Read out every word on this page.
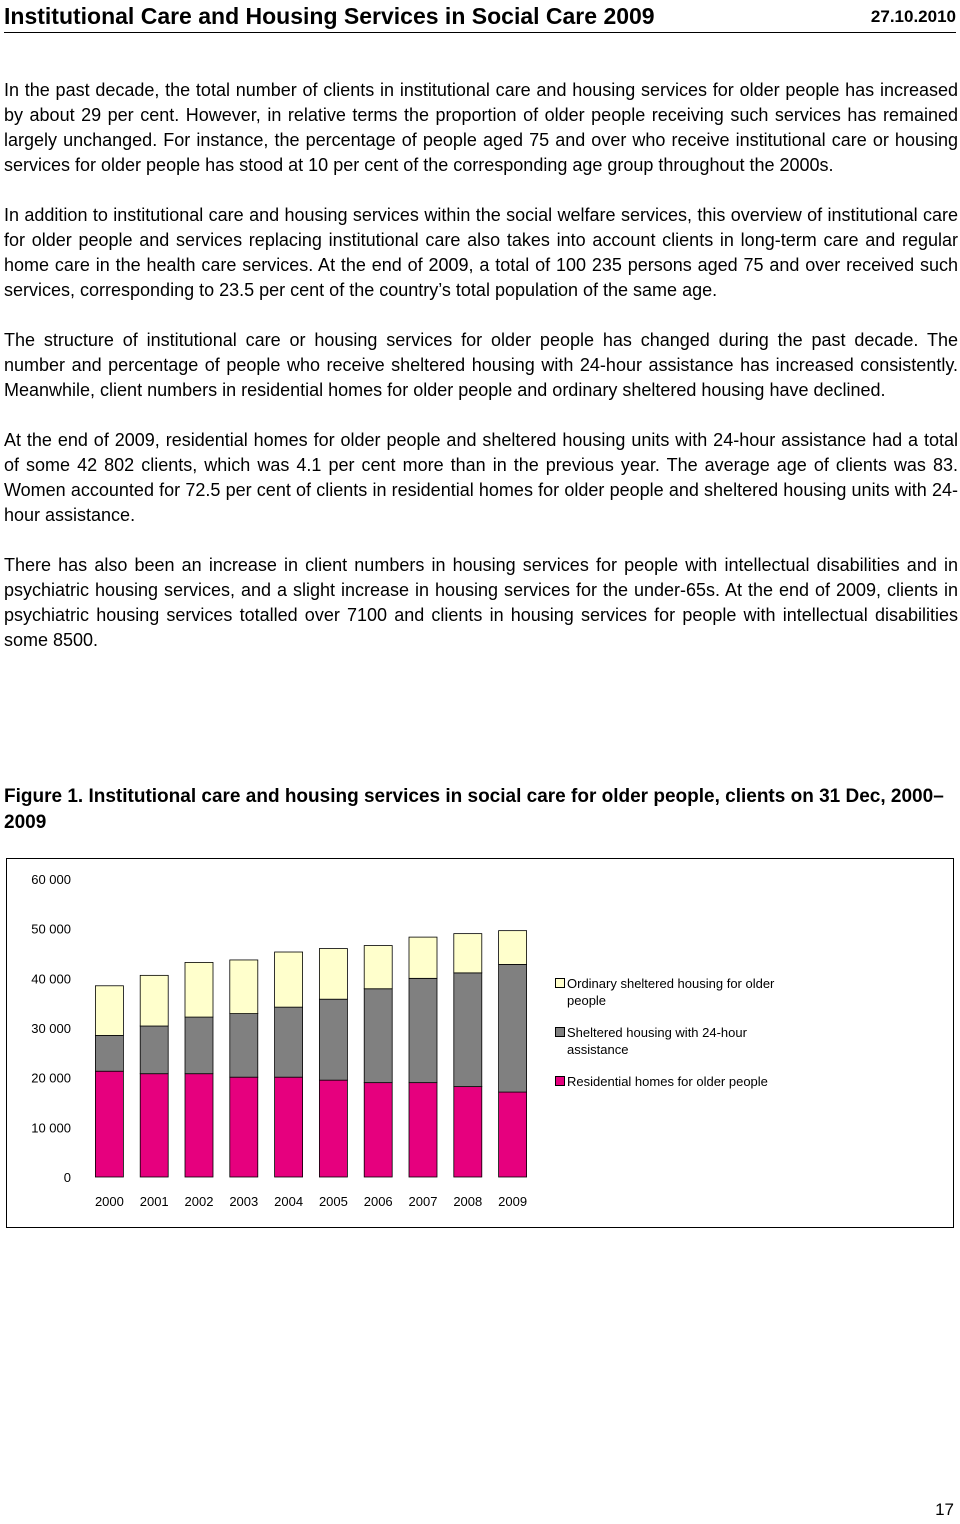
Institutional Care and Housing Services in Social Care 2009	27.10.2010

In the past decade, the total number of clients in institutional care and housing services for older people has increased by about 29 per cent. However, in relative terms the proportion of older people receiving such services has remained largely unchanged. For instance, the percentage of people aged 75 and over who receive institutional care or housing services for older people has stood at 10 per cent of the corresponding age group throughout the 2000s.

In addition to institutional care and housing services within the social welfare services, this overview of institutional care for older people and services replacing institutional care also takes into account clients in long-term care and regular home care in the health care services. At the end of 2009, a total of 100 235 persons aged 75 and over received such services, corresponding to 23.5 per cent of the country’s total population of the same age.

The structure of institutional care or housing services for older people has changed during the past decade. The number and percentage of people who receive sheltered housing with 24-hour assistance has increased consistently. Meanwhile, client numbers in residential homes for older people and ordinary sheltered housing have declined.

At the end of 2009, residential homes for older people and sheltered housing units with 24-hour assistance had a total of some 42 802 clients, which was 4.1 per cent more than in the previous year. The average age of clients was 83. Women accounted for 72.5 per cent of clients in residential homes for older people and sheltered housing units with 24-hour assistance.

There has also been an increase in client numbers in housing services for people with intellectual disabilities and in psychiatric housing services, and a slight increase in housing services for the under-65s. At the end of 2009, clients in psychiatric housing services totalled over 7100 and clients in housing services for people with intellectual disabilities some 8500.

Figure 1. Institutional care and housing services in social care for older people, clients on 31 Dec, 2000–2009
0
10 000
20 000
30 000
40 000
50 000
60 000
2000 2001 2002 2003 2004 2005 2006 2007 2008 2009
Ordinary sheltered housing for older people
Sheltered housing with 24-hour assistance
Residential homes for older people
17
